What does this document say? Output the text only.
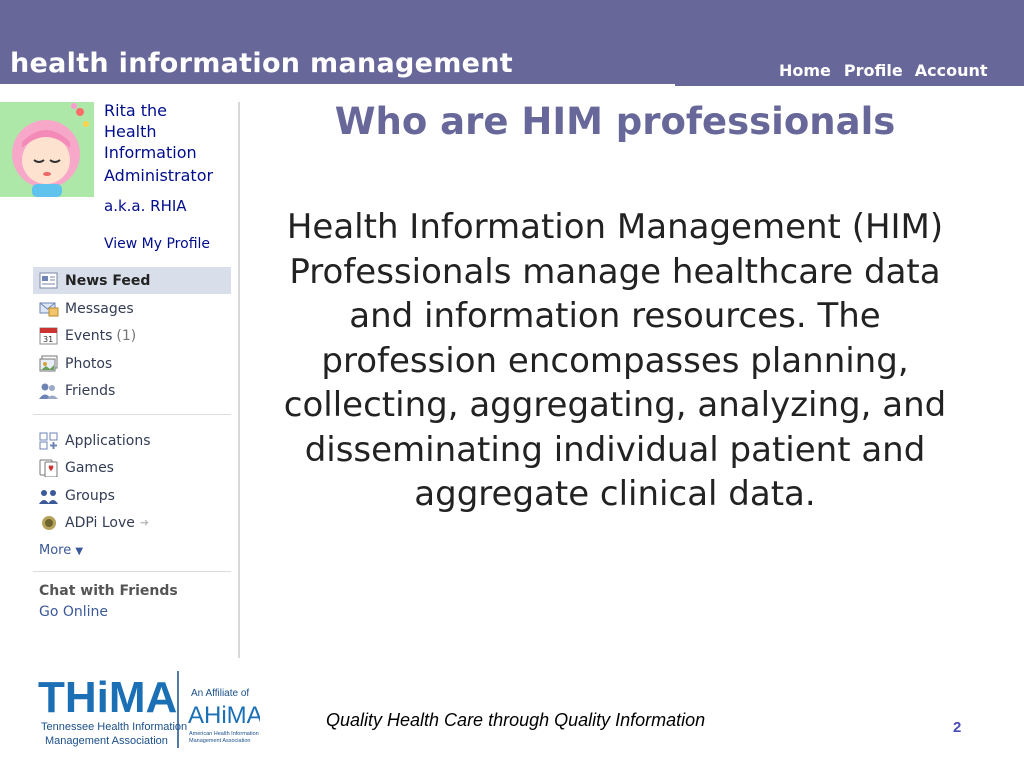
health information management	Home Profile Account
Rita the
Health
Information
Administrator
a.k.a. RHIA
View My Profile
News Feed
Messages
31 Events (1)
Photos
Friends
Applications
Games
Groups
ADPi Love ➜
More ▼
Chat with Friends
Go Online
Who are HIM professionals
Health Information Management (HIM) Professionals manage healthcare data and information resources. The profession encompasses planning, collecting, aggregating, analyzing, and disseminating individual patient and aggregate clinical data.
THiMA
Tennessee Health Information
Management Association
An Affiliate of
AHiMA
American Health Information
Management Association
Quality Health Care through Quality Information	2
